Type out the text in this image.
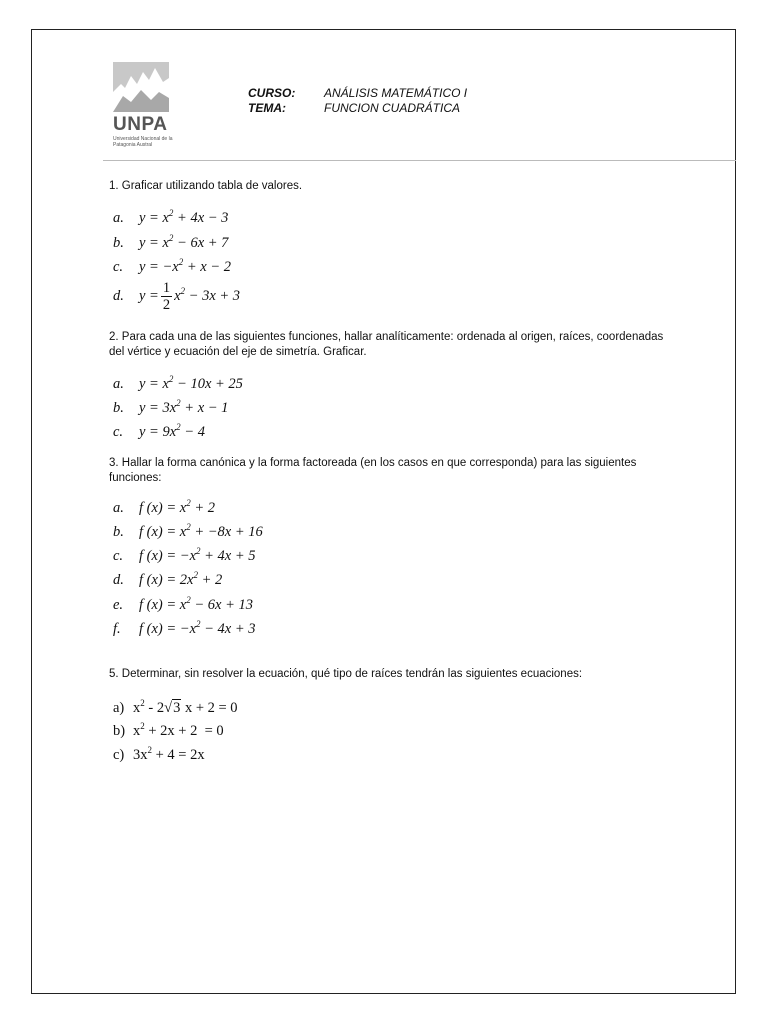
UNPA
Universidad Nacional de la Patagonia Austral
CURSO: ANÁLISIS MATEMÁTICO I
TEMA:	FUNCION CUADRÁTICA
1. Graficar utilizando tabla de valores.
a. $y = x^2 + 4x - 3$
b. $y = x^2 - 6x + 7$
c. $y = -x^2 + x - 2$
d. $y = \frac{1}{2} x^2 - 3x + 3$
2. Para cada una de las siguientes funciones, hallar analíticamente: ordenada al origen, raíces, coordenadas del vértice y ecuación del eje de simetría. Graficar.
a. $y = x^2 - 10x + 25$
b. $y = 3x^2 + x - 1$
c. $y = 9x^2 - 4$
3. Hallar la forma canónica y la forma factoreada (en los casos en que corresponda) para las siguientes funciones:
a. f $(x) = x^2 + 2$
b. f $(x) = x^2 + -8x + 16$
c. f $(x) = -x^2 + 4x + 5$
d. f $(x) = 2x^2 + 2$
e. f $(x) = x^2 - 6x + 13$
f. f $(x) = -x^2 - 4x + 3$
5. Determinar, sin resolver la ecuación, qué tipo de raíces tendrán las siguientes ecuaciones:
a) $x^2 - 2√3$ x + 2 = 0
b) $x^2 + 2x + 2 = 0$
c) $3x^2 + 4 = 2x$
